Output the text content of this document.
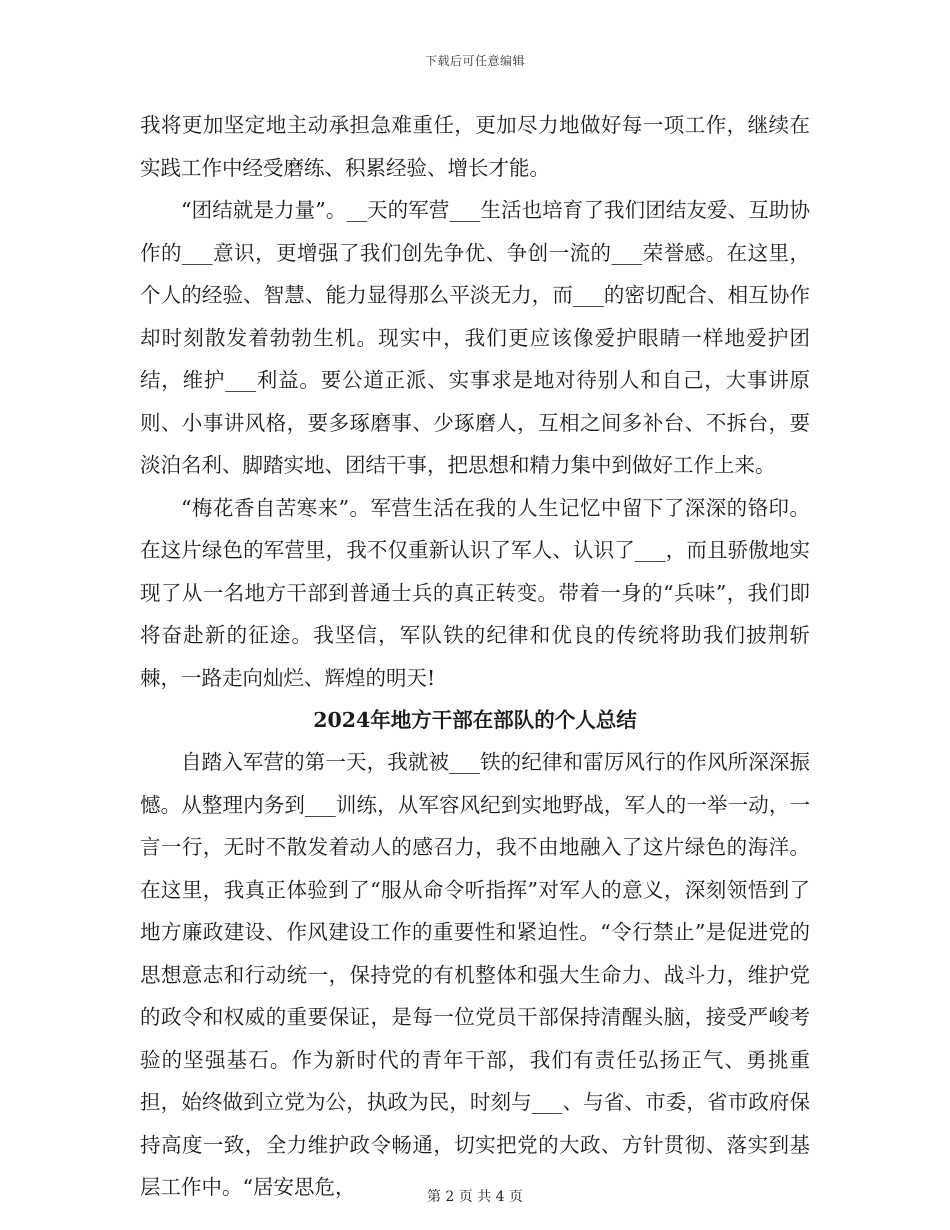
下载后可任意编辑

我将更加坚定地主动承担急难重任，更加尽力地做好每一项工作，继续在实践工作中经受磨练、积累经验、增长才能。

“团结就是力量”。__天的军营___生活也培育了我们团结友爱、互助协作的___意识，更增强了我们创先争优、争创一流的___荣誉感。在这里，个人的经验、智慧、能力显得那么平淡无力，而___的密切配合、相互协作却时刻散发着勃勃生机。现实中，我们更应该像爱护眼睛一样地爱护团结，维护___利益。要公道正派、实事求是地对待别人和自己，大事讲原则、小事讲风格，要多琢磨事、少琢磨人，互相之间多补台、不拆台，要淡泊名利、脚踏实地、团结干事，把思想和精力集中到做好工作上来。

“梅花香自苦寒来”。军营生活在我的人生记忆中留下了深深的铬印。在这片绿色的军营里，我不仅重新认识了军人、认识了___，而且骄傲地实现了从一名地方干部到普通士兵的真正转变。带着一身的“兵味”，我们即将奋赴新的征途。我坚信，军队铁的纪律和优良的传统将助我们披荆斩棘，一路走向灿烂、辉煌的明天!

2024年地方干部在部队的个人总结

自踏入军营的第一天，我就被___铁的纪律和雷厉风行的作风所深深振憾。从整理内务到___训练，从军容风纪到实地野战，军人的一举一动，一言一行，无时不散发着动人的感召力，我不由地融入了这片绿色的海洋。在这里，我真正体验到了“服从命令听指挥”对军人的意义，深刻领悟到了地方廉政建设、作风建设工作的重要性和紧迫性。“令行禁止”是促进党的思想意志和行动统一，保持党的有机整体和强大生命力、战斗力，维护党的政令和权威的重要保证，是每一位党员干部保持清醒头脑，接受严峻考验的坚强基石。作为新时代的青年干部，我们有责任弘扬正气、勇挑重担，始终做到立党为公，执政为民，时刻与___、与省、市委，省市政府保持高度一致，全力维护政令畅通，切实把党的大政、方针贯彻、落实到基层工作中。“居安思危，	第 2 页 共 4 页
